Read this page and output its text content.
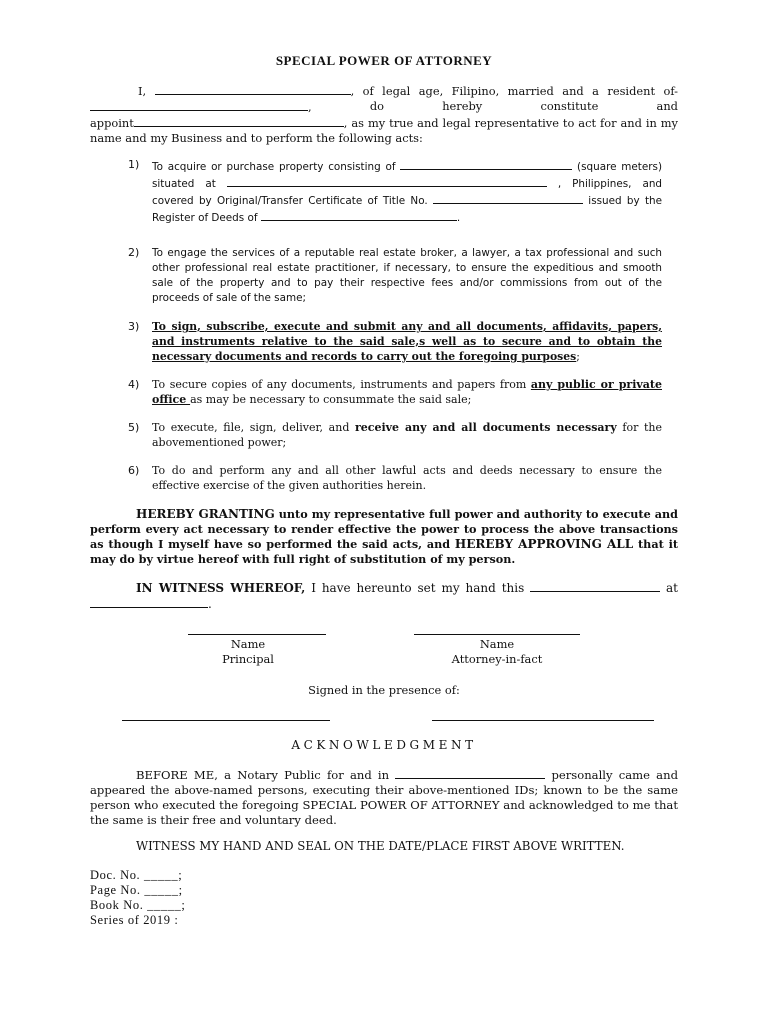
SPECIAL POWER OF ATTORNEY
I,	, of legal age, Filipino, married and a resident of-
,	do	hereby	constitute	and
appoint	, as my true and legal representative to act for and in my name and my Business and to perform the following acts:
1)	To acquire or purchase property consisting of	(square meters) situated at	, Philippines, and covered by Original/Transfer Certificate of Title No.	issued by the Register of Deeds of	.
2)	To engage the services of a reputable real estate broker, a lawyer, a tax professional and such other professional real estate practitioner, if necessary, to ensure the expeditious and smooth sale of the property and to pay their respective fees and/or commissions from out of the proceeds of sale of the same;
3)	To sign, subscribe, execute and submit any and all documents, affidavits, papers, and instruments relative to the said sale,s well as to secure and to obtain the necessary documents and records to carry out the foregoing purposes;
4)	To secure copies of any documents, instruments and papers from any public or private office as may be necessary to consummate the said sale;
5)	To execute, file, sign, deliver, and receive any and all documents necessary for the abovementioned power;
6)	To do and perform any and all other lawful acts and deeds necessary to ensure the effective exercise of the given authorities herein.
HEREBY GRANTING unto my representative full power and authority to execute and perform every act necessary to render effective the power to process the above transactions as though I myself have so performed the said acts, and HEREBY APPROVING ALL that it may do by virtue hereof with full right of substitution of my person.
IN WITNESS WHEREOF, I have hereunto set my hand this	at
.
Name
Principal
Name
Attorney-in-fact
Signed in the presence of:
ACKNOWLEDGMENT
BEFORE ME, a Notary Public for and in	personally came and appeared the above-named persons, executing their above-mentioned IDs; known to be the same person who executed the foregoing SPECIAL POWER OF ATTORNEY and acknowledged to me that the same is their free and voluntary deed.
WITNESS MY HAND AND SEAL ON THE DATE/PLACE FIRST ABOVE WRITTEN.
Doc. No. _____;
Page No. _____;
Book No. _____;
Series of 2019 :
